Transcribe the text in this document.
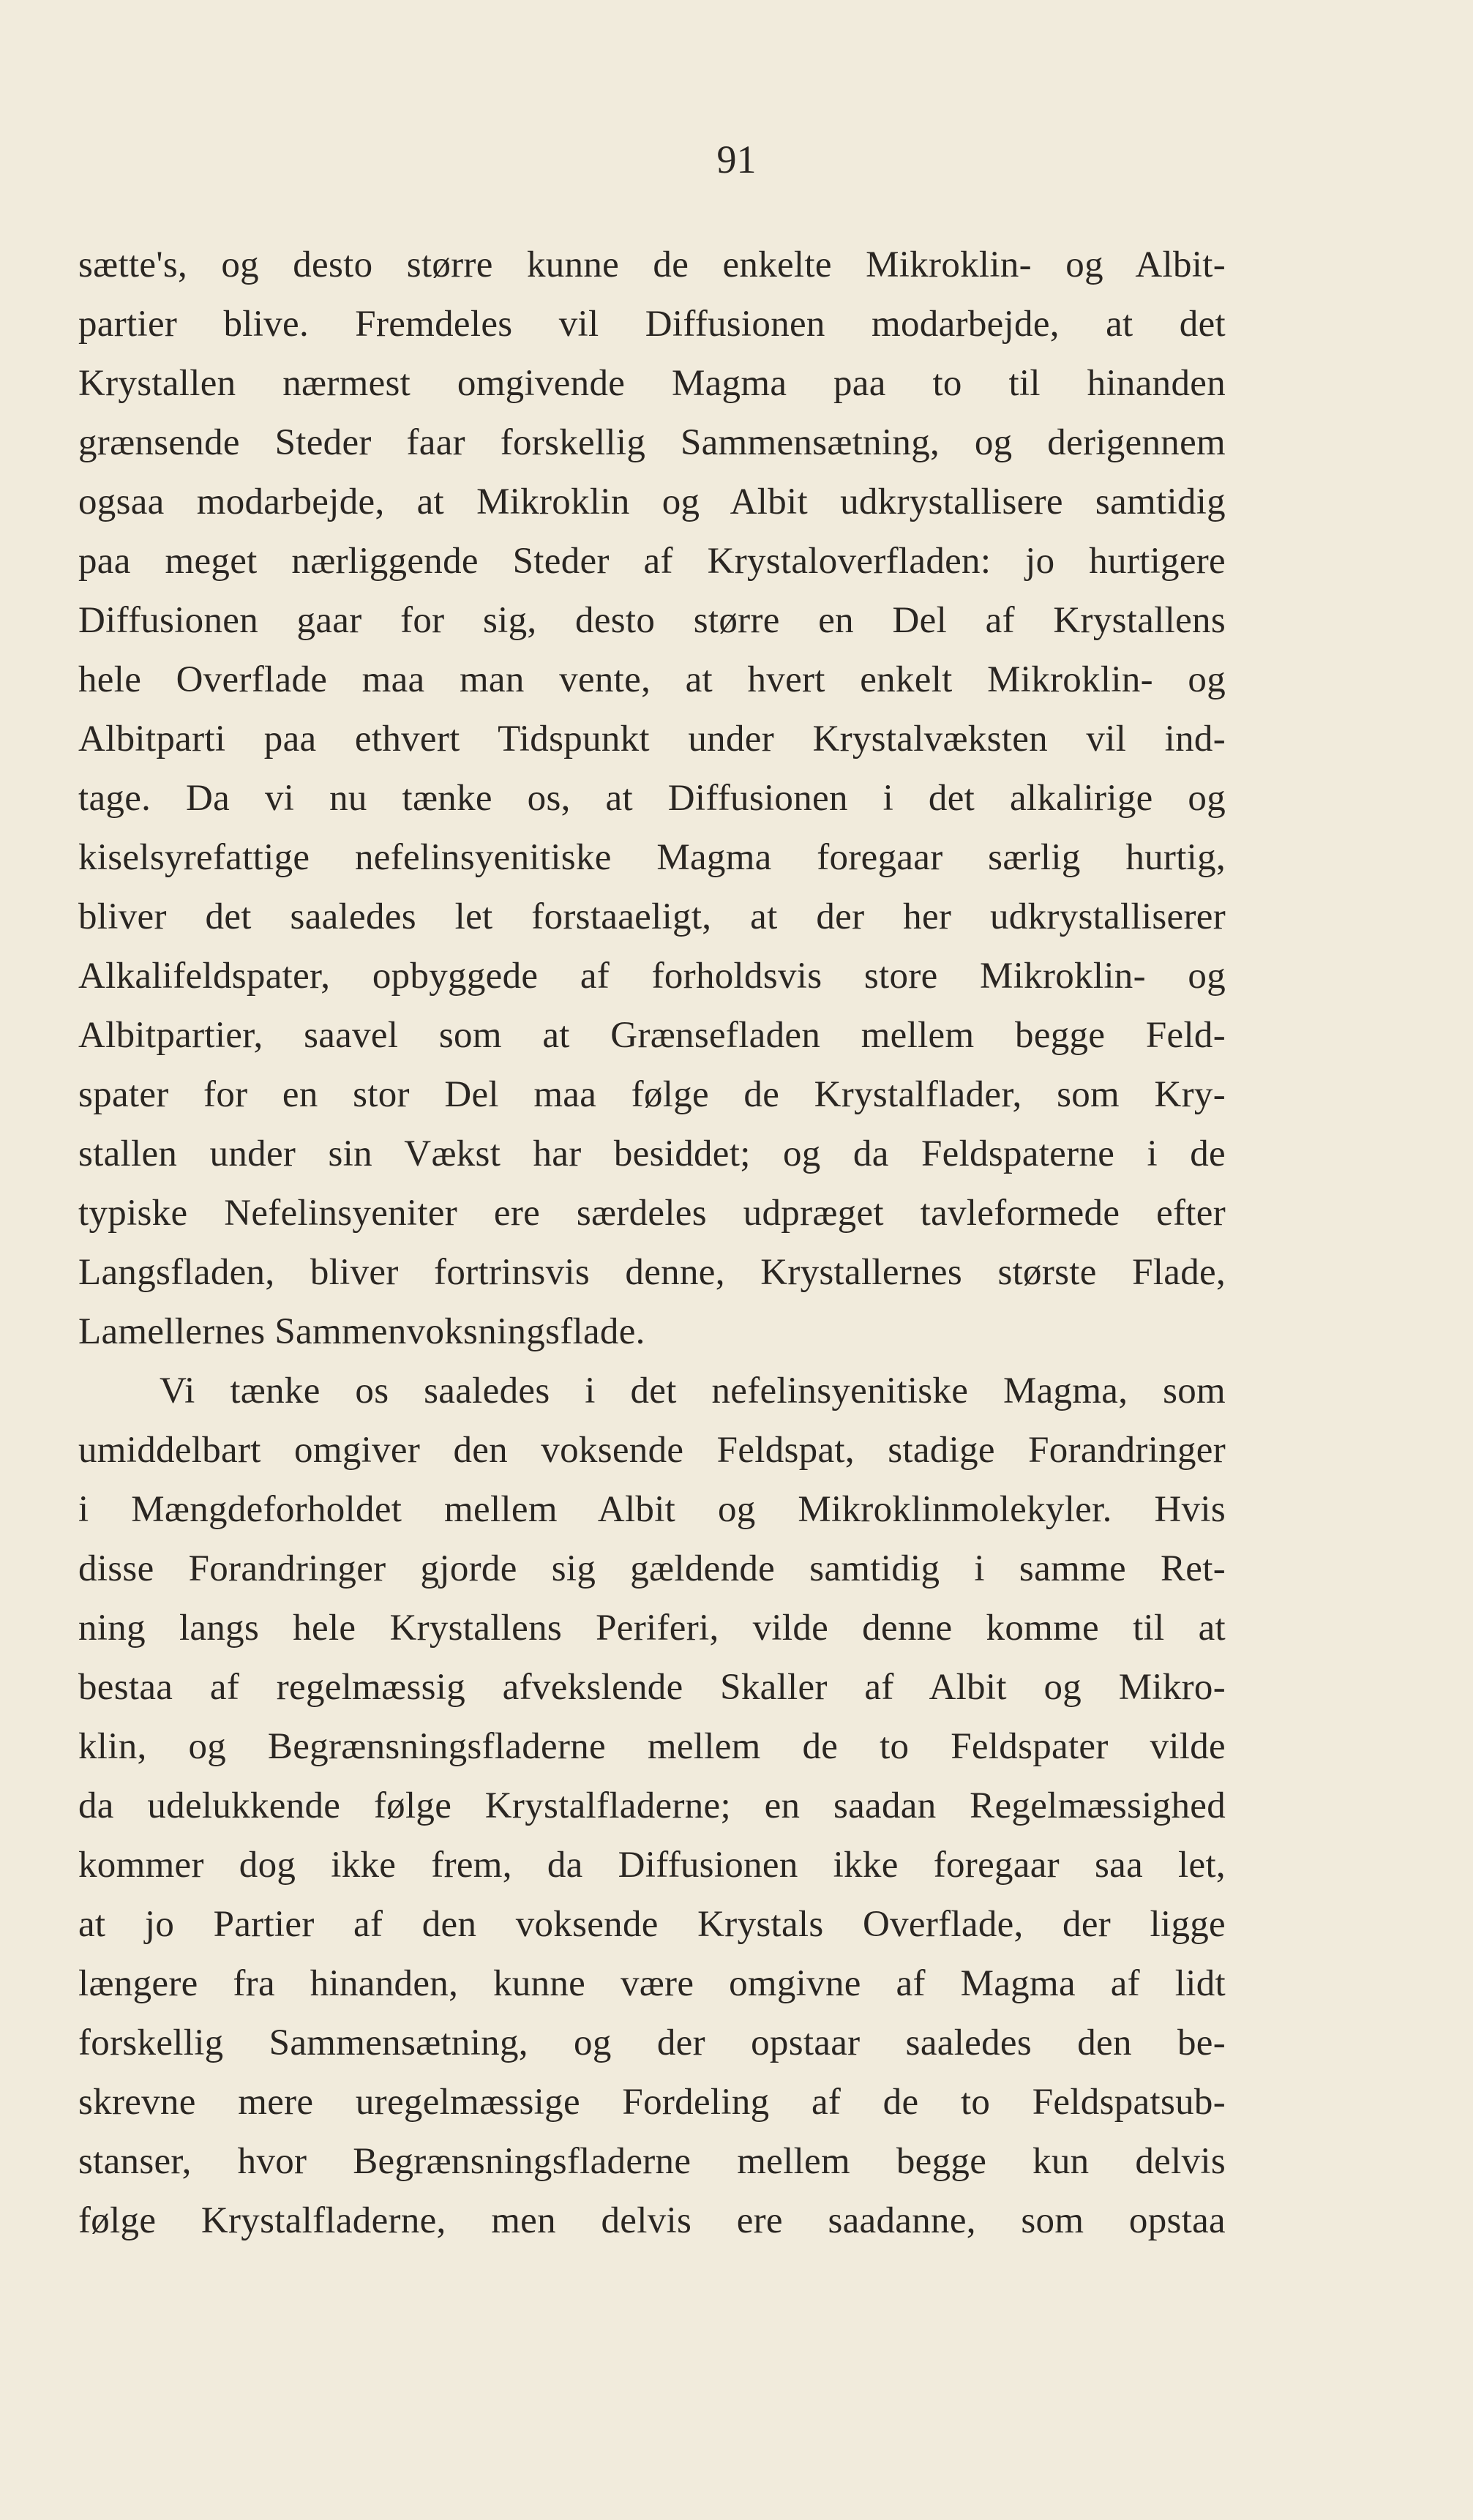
91
sætte's, og desto større kunne de enkelte Mikroklin- og Albit-
partier blive. Fremdeles vil Diffusionen modarbejde, at det
Krystallen nærmest omgivende Magma paa to til hinanden
grænsende Steder faar forskellig Sammensætning, og derigennem
ogsaa modarbejde, at Mikroklin og Albit udkrystallisere samtidig
paa meget nærliggende Steder af Krystaloverfladen: jo hurtigere
Diffusionen gaar for sig, desto større en Del af Krystallens
hele Overflade maa man vente, at hvert enkelt Mikroklin- og
Albitparti paa ethvert Tidspunkt under Krystalvæksten vil ind-
tage. Da vi nu tænke os, at Diffusionen i det alkalirige og
kiselsyrefattige nefelinsyenitiske Magma foregaar særlig hurtig,
bliver det saaledes let forstaaeligt, at der her udkrystalliserer
Alkalifeldspater, opbyggede af forholdsvis store Mikroklin- og
Albitpartier, saavel som at Grænsefladen mellem begge Feld-
spater for en stor Del maa følge de Krystalflader, som Kry-
stallen under sin Vækst har besiddet; og da Feldspaterne i de
typiske Nefelinsyeniter ere særdeles udpræget tavleformede efter
Langsfladen, bliver fortrinsvis denne, Krystallernes største Flade,
Lamellernes Sammenvoksningsflade.
Vi tænke os saaledes i det nefelinsyenitiske Magma, som
umiddelbart omgiver den voksende Feldspat, stadige Forandringer
i Mængdeforholdet mellem Albit og Mikroklinmolekyler. Hvis
disse Forandringer gjorde sig gældende samtidig i samme Ret-
ning langs hele Krystallens Periferi, vilde denne komme til at
bestaa af regelmæssig afvekslende Skaller af Albit og Mikro-
klin, og Begrænsningsfladerne mellem de to Feldspater vilde
da udelukkende følge Krystalfladerne; en saadan Regelmæssighed
kommer dog ikke frem, da Diffusionen ikke foregaar saa let,
at jo Partier af den voksende Krystals Overflade, der ligge
længere fra hinanden, kunne være omgivne af Magma af lidt
forskellig Sammensætning, og der opstaar saaledes den be-
skrevne mere uregelmæssige Fordeling af de to Feldspatsub-
stanser, hvor Begrænsningsfladerne mellem begge kun delvis
følge Krystalfladerne, men delvis ere saadanne, som opstaa
